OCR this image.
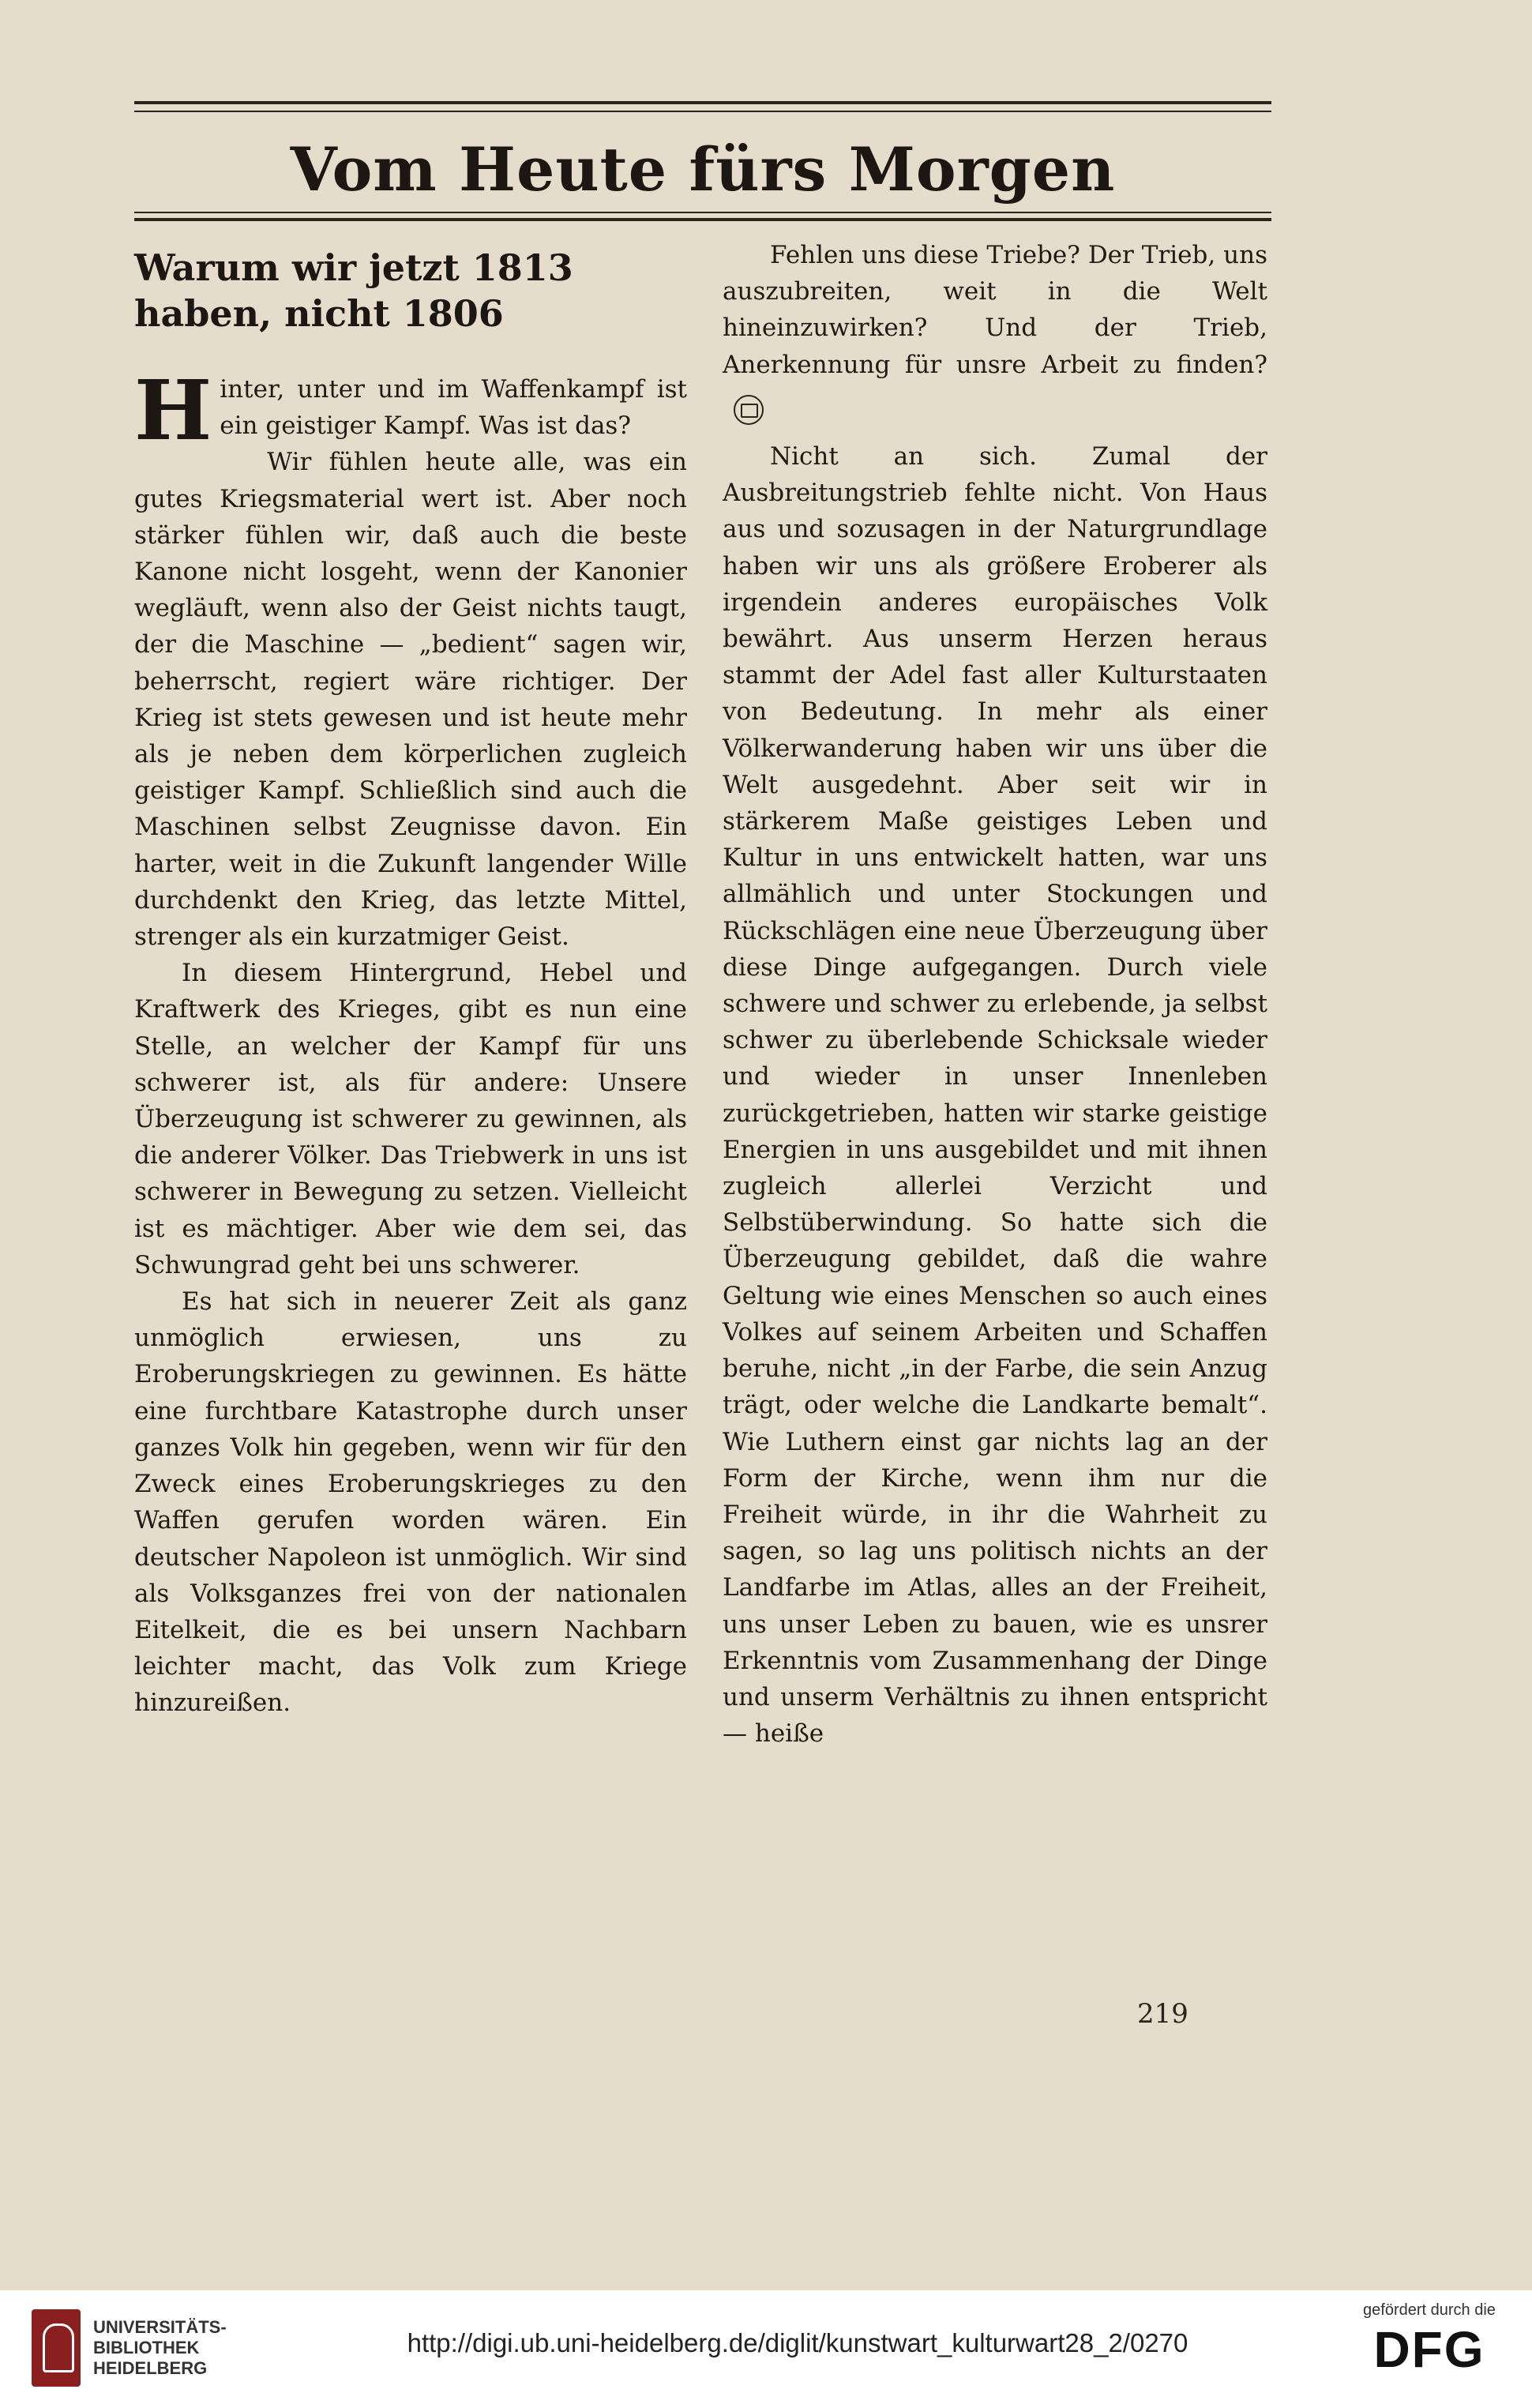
Vom Heute fürs Morgen
Warum wir jetzt 1813 haben, nicht 1806

Hinter, unter und im Waffenkampf ist ein geistiger Kampf. Was ist das?

Wir fühlen heute alle, was ein gutes Kriegsmaterial wert ist. Aber noch stärker fühlen wir, daß auch die beste Kanone nicht losgeht, wenn der Kanonier wegläuft, wenn also der Geist nichts taugt, der die Maschine — „bedient“ sagen wir, beherrscht, regiert wäre richtiger. Der Krieg ist stets gewesen und ist heute mehr als je neben dem körperlichen zugleich geistiger Kampf. Schließlich sind auch die Maschinen selbst Zeugnisse davon. Ein harter, weit in die Zukunft langender Wille durchdenkt den Krieg, das letzte Mittel, strenger als ein kurzatmiger Geist.

In diesem Hintergrund, Hebel und Kraftwerk des Krieges, gibt es nun eine Stelle, an welcher der Kampf für uns schwerer ist, als für andere: Unsere Überzeugung ist schwerer zu gewinnen, als die anderer Völker. Das Triebwerk in uns ist schwerer in Bewegung zu setzen. Vielleicht ist es mächtiger. Aber wie dem sei, das Schwungrad geht bei uns schwerer.

Es hat sich in neuerer Zeit als ganz unmöglich erwiesen, uns zu Eroberungskriegen zu gewinnen. Es hätte eine furchtbare Katastrophe durch unser ganzes Volk hin gegeben, wenn wir für den Zweck eines Eroberungskrieges zu den Waffen gerufen worden wären. Ein deutscher Napoleon ist unmöglich. Wir sind als Volksganzes frei von der nationalen Eitelkeit, die es bei unsern Nachbarn leichter macht, das Volk zum Kriege hinzureißen.

Fehlen uns diese Triebe? Der Trieb, uns auszubreiten, weit in die Welt hineinzuwirken? Und der Trieb, Anerkennung für unsre Arbeit zu finden?

Nicht an sich. Zumal der Ausbreitungstrieb fehlte nicht. Von Haus aus und sozusagen in der Naturgrundlage haben wir uns als größere Eroberer als irgendein anderes europäisches Volk bewährt. Aus unserm Herzen heraus stammt der Adel fast aller Kulturstaaten von Bedeutung. In mehr als einer Völkerwanderung haben wir uns über die Welt ausgedehnt. Aber seit wir in stärkerem Maße geistiges Leben und Kultur in uns entwickelt hatten, war uns allmählich und unter Stockungen und Rückschlägen eine neue Überzeugung über diese Dinge aufgegangen. Durch viele schwere und schwer zu erlebende, ja selbst schwer zu überlebende Schicksale wieder und wieder in unser Innenleben zurückgetrieben, hatten wir starke geistige Energien in uns ausgebildet und mit ihnen zugleich allerlei Verzicht und Selbstüberwindung. So hatte sich die Überzeugung gebildet, daß die wahre Geltung wie eines Menschen so auch eines Volkes auf seinem Arbeiten und Schaffen beruhe, nicht „in der Farbe, die sein Anzug trägt, oder welche die Landkarte bemalt“. Wie Luthern einst gar nichts lag an der Form der Kirche, wenn ihm nur die Freiheit würde, in ihr die Wahrheit zu sagen, so lag uns politisch nichts an der Landfarbe im Atlas, alles an der Freiheit, uns unser Leben zu bauen, wie es unsrer Erkenntnis vom Zusammenhang der Dinge und unserm Verhältnis zu ihnen entspricht — heiße

219
UNIVERSITÄTS-
BIBLIOTHEK
HEIDELBERG
http://digi.ub.uni-heidelberg.de/diglit/kunstwart_kulturwart28_2/0270
gefördert durch die
DFG
